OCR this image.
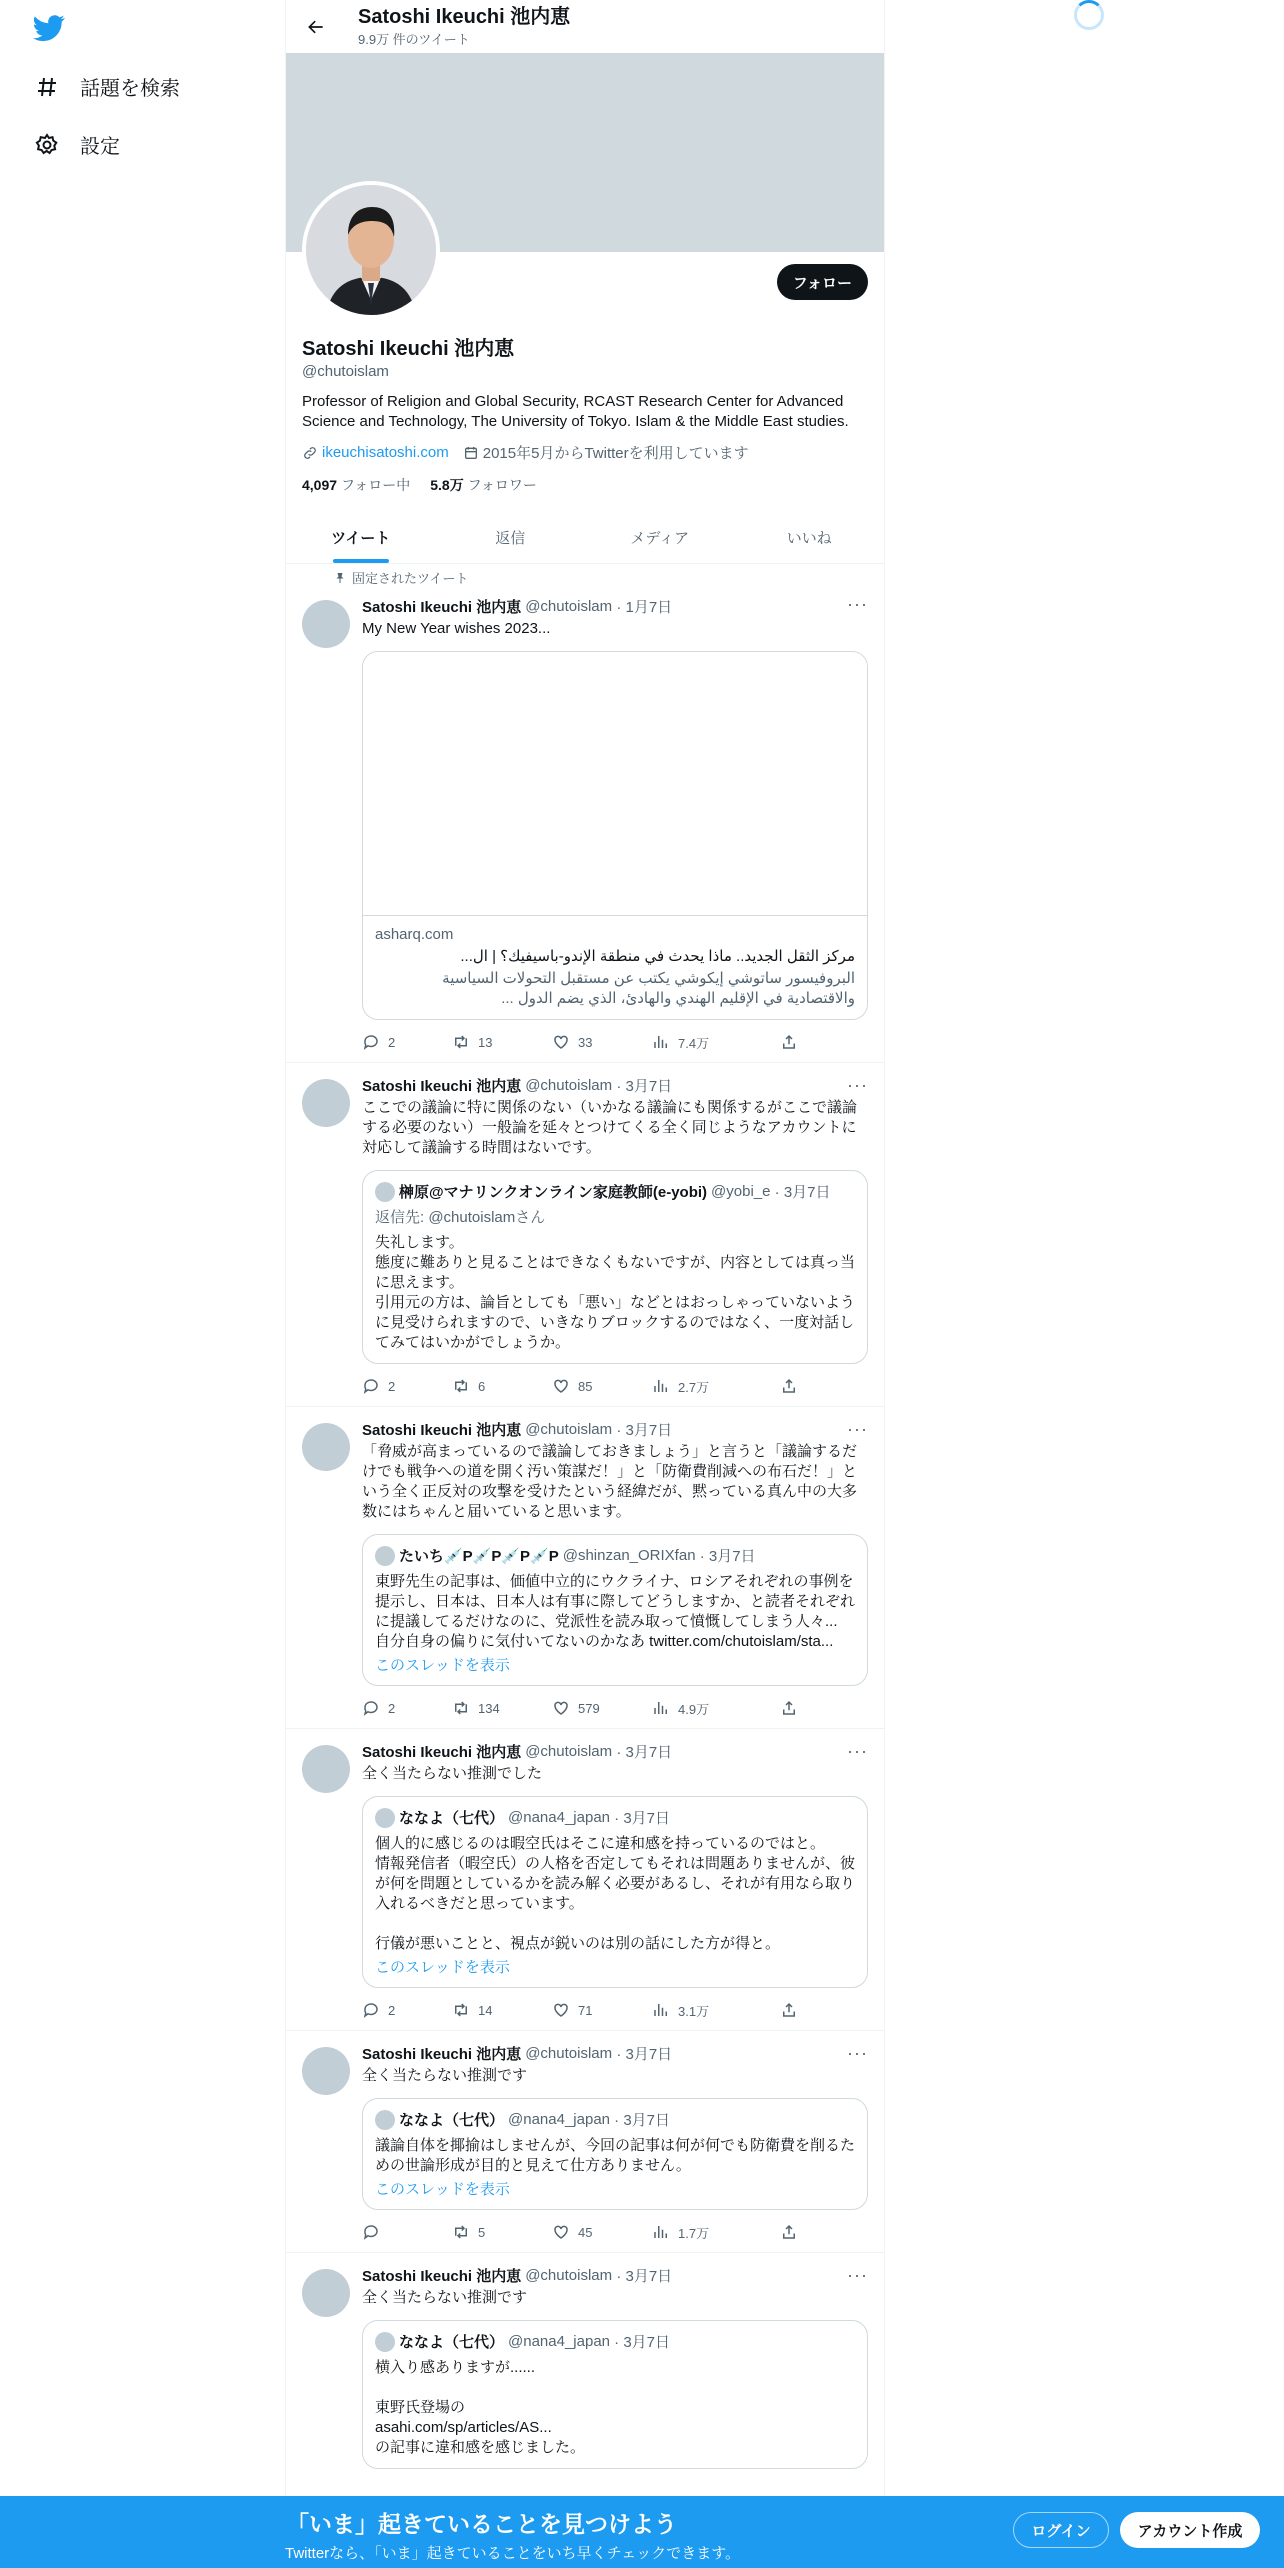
話題を検索
設定
Satoshi Ikeuchi 池内恵
9.9万 件のツイート
フォロー
Satoshi Ikeuchi 池内恵
@chutoislam
Professor of Religion and Global Security, RCAST Research Center for Advanced Science and Technology, The University of Tokyo. Islam & the Middle East studies.
ikeuchisatoshi.com 2015年5月からTwitterを利用しています
4,097 フォロー中 5.8万 フォロワー
ツイート	返信	メディア	いいね
固定されたツイート
···
Satoshi Ikeuchi 池内恵 @chutoislam
· 1月7日
My New Year wishes 2023...
asharq.com
مركز الثقل الجديد.. ماذا يحدث في منطقة الإندو-باسيفيك؟ | ال...
البروفيسور ساتوشي إيكوشي يكتب عن مستقبل التحولات السياسية والاقتصادية في الإقليم الهندي والهادئ، الذي يضم الدول ...
2	13	33	7.4万
···
Satoshi Ikeuchi 池内恵 @chutoislam
· 3月7日
ここでの議論に特に関係のない（いかなる議論にも関係するがここで議論する必要のない）一般論を延々とつけてくる全く同じようなアカウントに対応して議論する時間はないです。
榊原@マナリンクオンライン家庭教師(e-yobi) @yobi_e
· 3月7日
返信先: @chutoislamさん
失礼します。
態度に難ありと見ることはできなくもないですが、内容としては真っ当に思えます。
引用元の方は、論旨としても「悪い」などとはおっしゃっていないように見受けられますので、いきなりブロックするのではなく、一度対話してみてはいかがでしょうか。
2	6	85	2.7万
···
Satoshi Ikeuchi 池内恵 @chutoislam
· 3月7日
「脅威が高まっているので議論しておきましょう」と言うと「議論するだけでも戦争への道を開く汚い策謀だ！」と「防衛費削減への布石だ！」という全く正反対の攻撃を受けたという経緯だが、黙っている真ん中の大多数にはちゃんと届いていると思います。
たいち💉P💉P💉P💉P @shinzan_ORIXfan
· 3月7日
東野先生の記事は、価値中立的にウクライナ、ロシアそれぞれの事例を提示し、日本は、日本人は有事に際してどうしますか、と読者それぞれに提議してるだけなのに、党派性を読み取って憤慨してしまう人々...
自分自身の偏りに気付いてないのかなあ twitter.com/chutoislam/sta...
このスレッドを表示
2	134	579	4.9万
···
Satoshi Ikeuchi 池内恵 @chutoislam
· 3月7日
全く当たらない推測でした
ななよ（七代） @nana4_japan
· 3月7日
個人的に感じるのは暇空氏はそこに違和感を持っているのではと。
情報発信者（暇空氏）の人格を否定してもそれは問題ありませんが、彼が何を問題としているかを読み解く必要があるし、それが有用なら取り入れるべきだと思っています。

行儀が悪いことと、視点が鋭いのは別の話にした方が得と。
このスレッドを表示
2	14	71	3.1万
···
Satoshi Ikeuchi 池内恵 @chutoislam
· 3月7日
全く当たらない推測です
ななよ（七代） @nana4_japan
· 3月7日
議論自体を揶揄はしませんが、今回の記事は何が何でも防衛費を削るための世論形成が目的と見えて仕方ありません。
このスレッドを表示
5	45	1.7万
···
Satoshi Ikeuchi 池内恵 @chutoislam
· 3月7日
全く当たらない推測です
ななよ（七代） @nana4_japan
· 3月7日
横入り感ありますが......

東野氏登場の
asahi.com/sp/articles/AS...
の記事に違和感を感じました。
「いま」起きていることを見つけよう
Twitterなら、「いま」起きていることをいち早くチェックできます。
ログイン	アカウント作成
